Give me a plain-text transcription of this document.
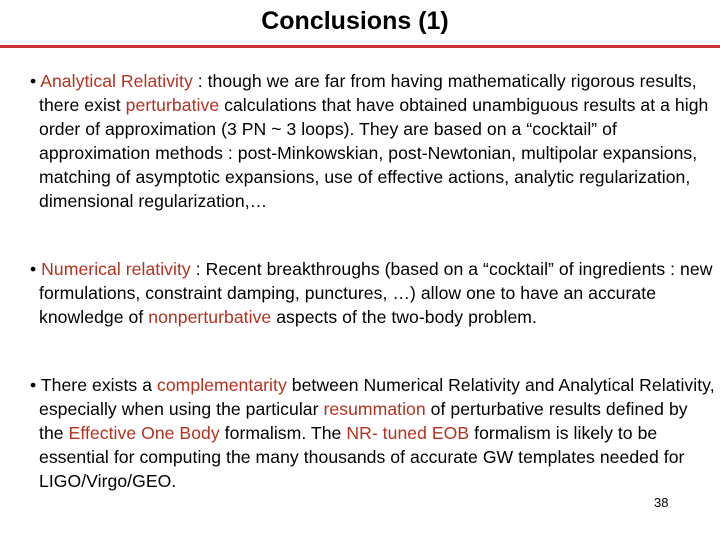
Conclusions (1)
• Analytical Relativity : though we are far from having mathematically rigorous results, there exist perturbative calculations that have obtained unambiguous results at a high order of approximation (3 PN ~ 3 loops). They are based on a “cocktail” of approximation methods : post-Minkowskian, post-Newtonian, multipolar expansions, matching of asymptotic expansions, use of effective actions, analytic regularization, dimensional regularization,…
• Numerical relativity : Recent breakthroughs (based on a “cocktail” of ingredients : new formulations, constraint damping, punctures, …) allow one to have an accurate knowledge of nonperturbative aspects of the two-body problem.
• There exists a complementarity between Numerical Relativity and Analytical Relativity, especially when using the particular resummation of perturbative results defined by the Effective One Body formalism. The NR- tuned EOB formalism is likely to be essential for computing the many thousands of accurate GW templates needed for LIGO/Virgo/GEO.
38
